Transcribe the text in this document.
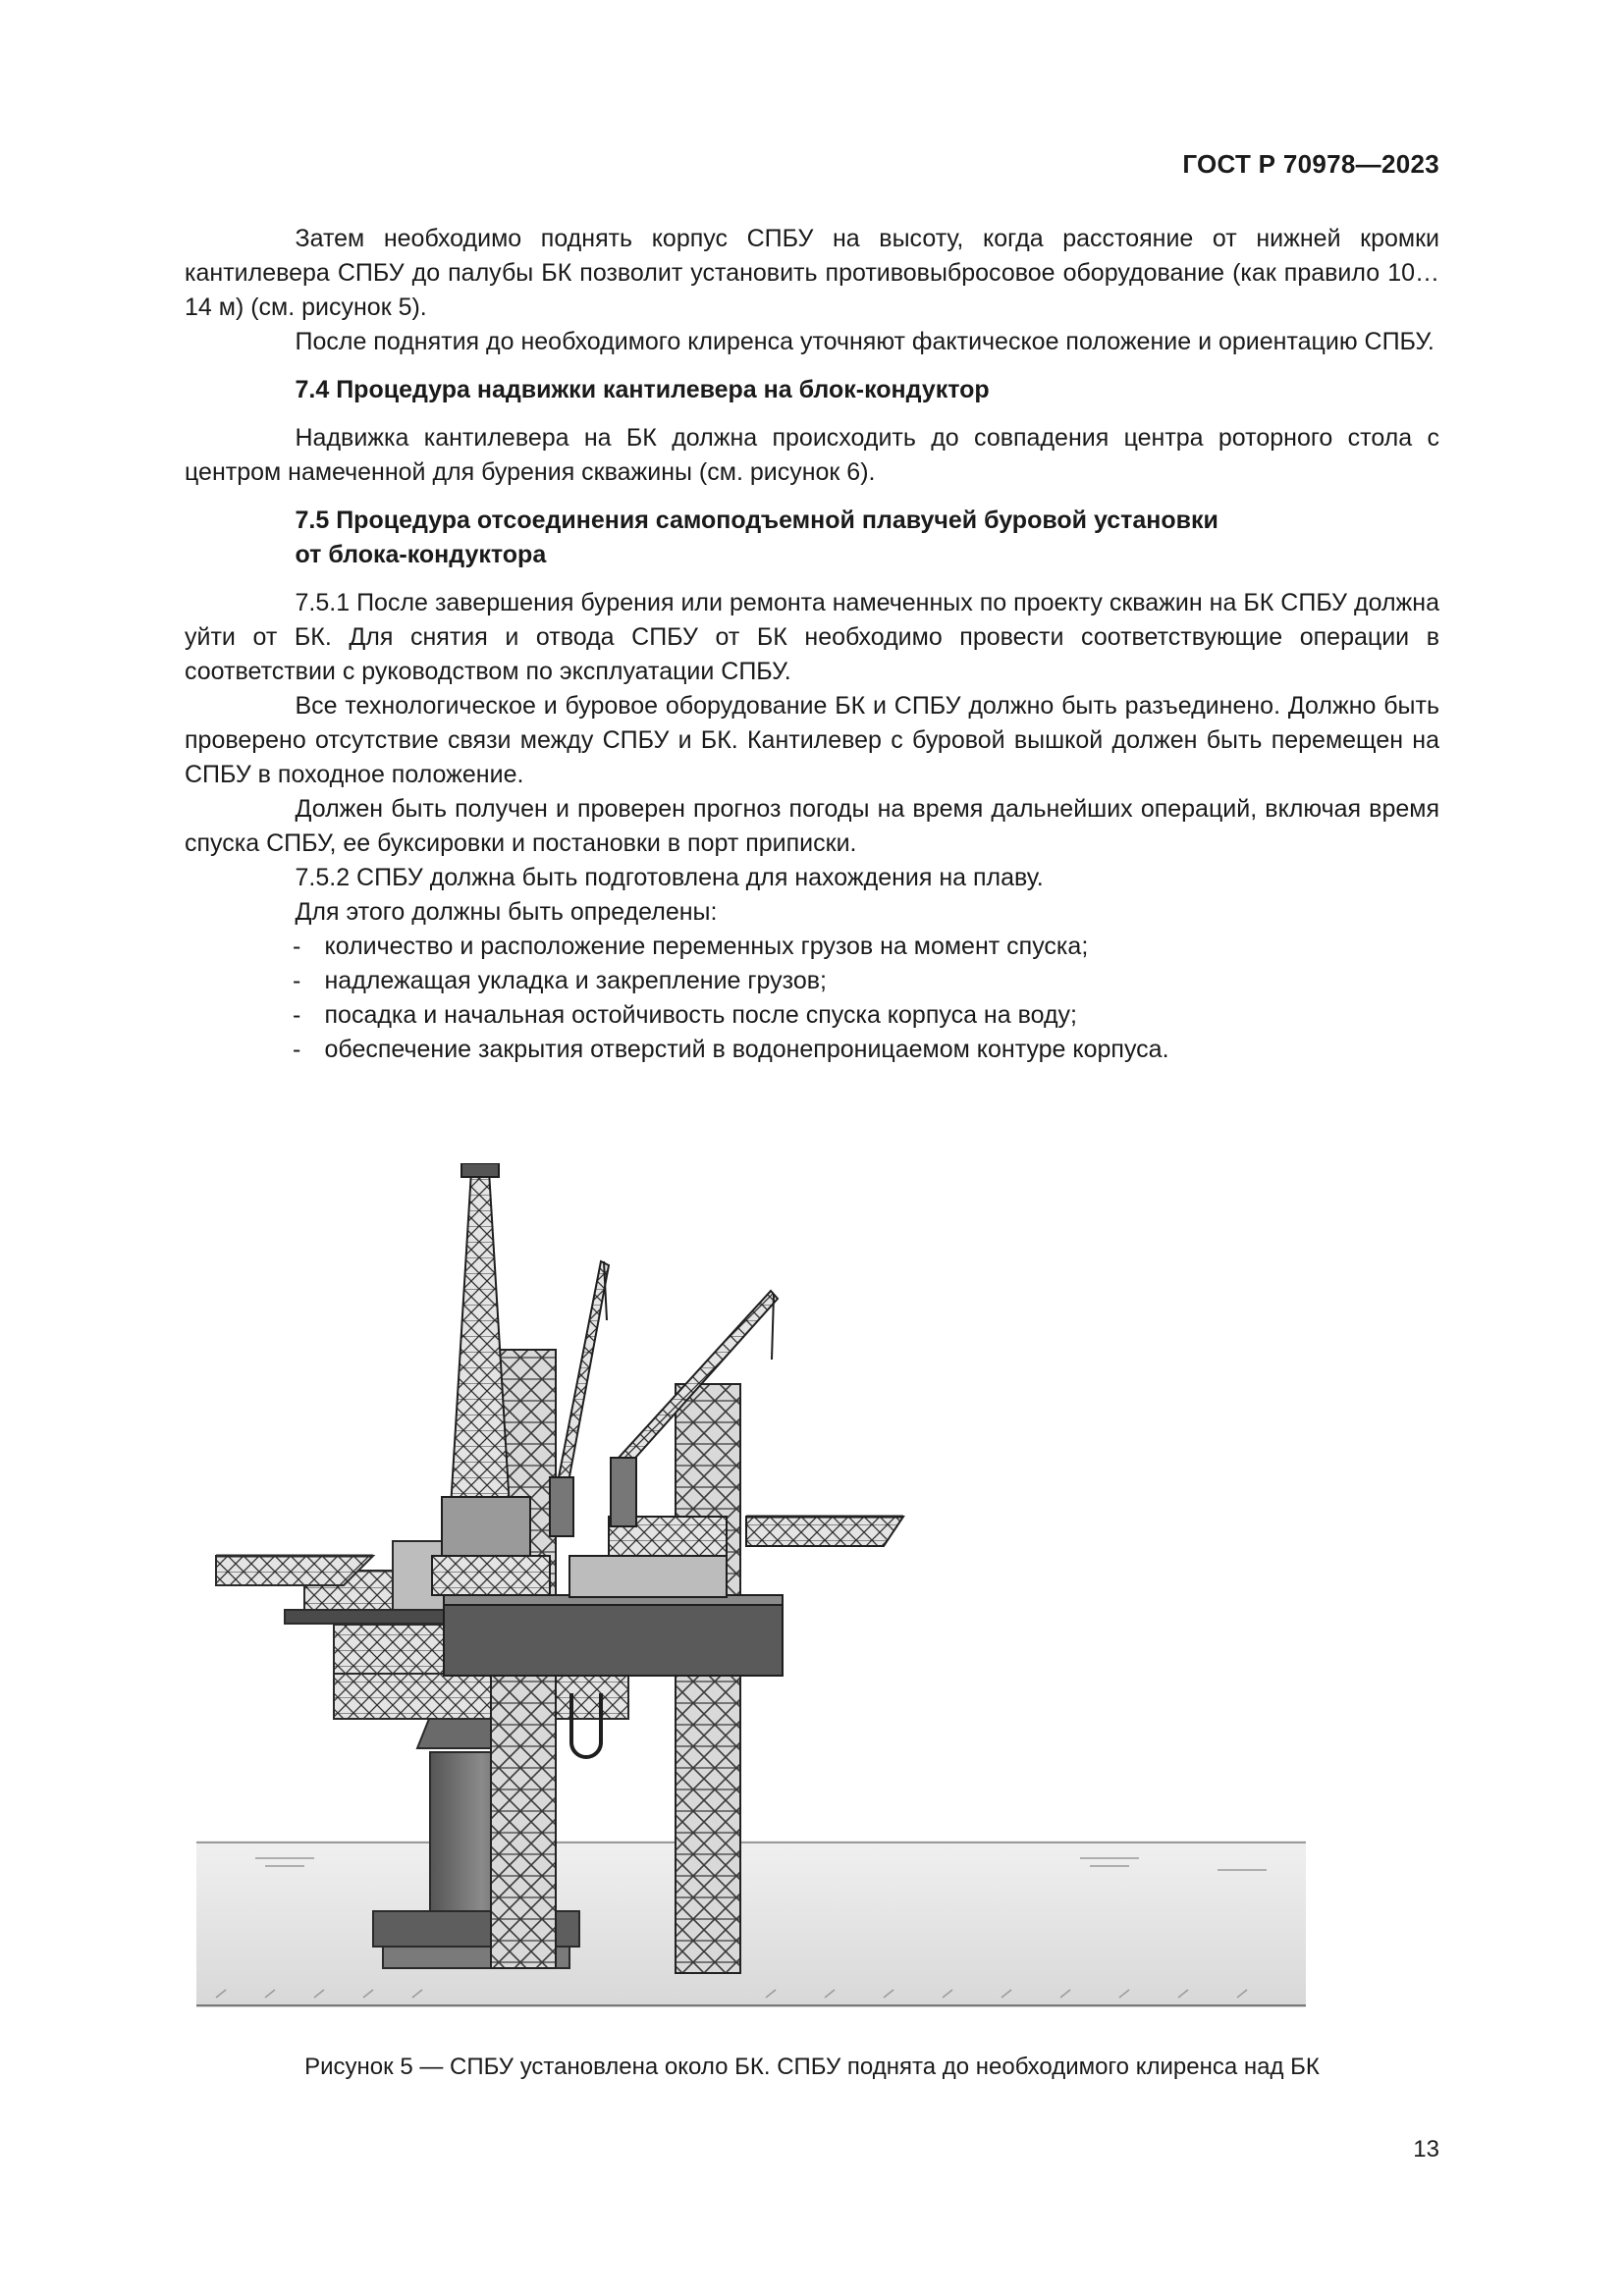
ГОСТ Р 70978—2023

Затем необходимо поднять корпус СПБУ на высоту, когда расстояние от нижней кромки кантилевера СПБУ до палубы БК позволит установить противовыбросовое оборудование (как правило 10…14 м) (см. рисунок 5).

После поднятия до необходимого клиренса уточняют фактическое положение и ориентацию СПБУ.

7.4 Процедура надвижки кантилевера на блок-кондуктор

Надвижка кантилевера на БК должна происходить до совпадения центра роторного стола с центром намеченной для бурения скважины (см. рисунок 6).

7.5 Процедура отсоединения самоподъемной плавучей буровой установки

от блока-кондуктора

7.5.1 После завершения бурения или ремонта намеченных по проекту скважин на БК СПБУ должна уйти от БК. Для снятия и отвода СПБУ от БК необходимо провести соответствующие операции в соответствии с руководством по эксплуатации СПБУ.

Все технологическое и буровое оборудование БК и СПБУ должно быть разъединено. Должно быть проверено отсутствие связи между СПБУ и БК. Кантилевер с буровой вышкой должен быть перемещен на СПБУ в походное положение.

Должен быть получен и проверен прогноз погоды на время дальнейших операций, включая время спуска СПБУ, ее буксировки и постановки в порт приписки.

7.5.2 СПБУ должна быть подготовлена для нахождения на плаву.

Для этого должны быть определены:

- количество и расположение переменных грузов на момент спуска;
- надлежащая укладка и закрепление грузов;
- посадка и начальная остойчивость после спуска корпуса на воду;
- обеспечение закрытия отверстий в водонепроницаемом контуре корпуса.
Рисунок 5 — СПБУ установлена около БК. СПБУ поднята до необходимого клиренса над БК
13
